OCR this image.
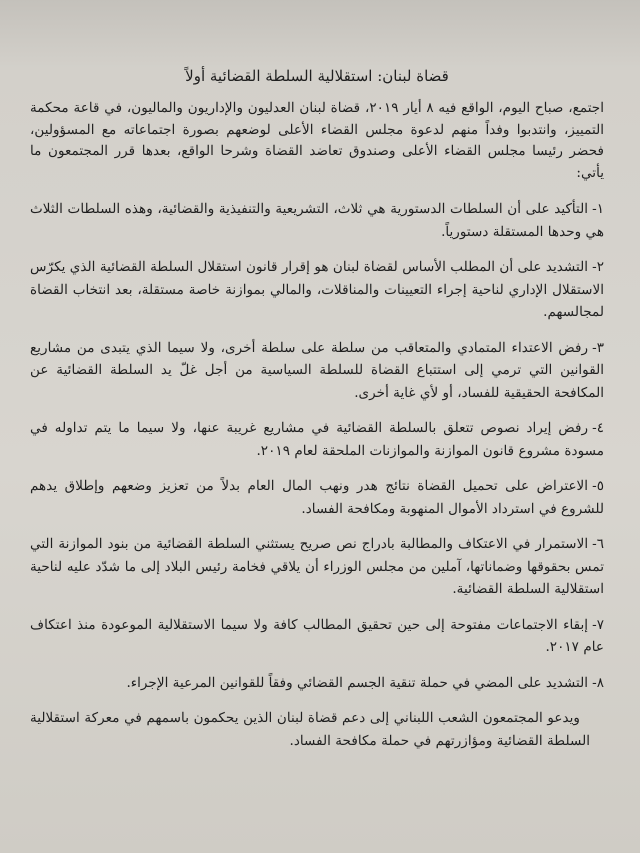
قضاة لبنان: استقلالية السلطة القضائية أولاً

اجتمع، صباح اليوم، الواقع فيه ٨ أيار ٢٠١٩، قضاة لبنان العدليون والإداريون والماليون، في قاعة محكمة التمييز، وانتدبوا وفداً منهم لدعوة مجلس القضاء الأعلى لوضعهم بصورة اجتماعاته مع المسؤولين، فحضر رئيسا مجلس القضاء الأعلى وصندوق تعاضد القضاة وشرحا الواقع، بعدها قرر المجتمعون ما يأتي:

١-التأكيد على أن السلطات الدستورية هي ثلاث، التشريعية والتنفيذية والقضائية، وهذه السلطات الثلاث هي وحدها المستقلة دستورياً.

٢-التشديد على أن المطلب الأساس لقضاة لبنان هو إقرار قانون استقلال السلطة القضائية الذي يكرّس الاستقلال الإداري لناحية إجراء التعيينات والمناقلات، والمالي بموازنة خاصة مستقلة، بعد انتخاب القضاة لمجالسهم.

٣-رفض الاعتداء المتمادي والمتعاقب من سلطة على سلطة أخرى، ولا سيما الذي يتبدى من مشاريع القوانين التي ترمي إلى استتباع القضاة للسلطة السياسية من أجل غلّ يد السلطة القضائية عن المكافحة الحقيقية للفساد، أو لأي غاية أخرى.

٤-رفض إيراد نصوص تتعلق بالسلطة القضائية في مشاريع غريبة عنها، ولا سيما ما يتم تداوله في مسودة مشروع قانون الموازنة والموازنات الملحقة لعام ٢٠١٩.

٥-الاعتراض على تحميل القضاة نتائج هدر ونهب المال العام بدلاً من تعزيز وضعهم وإطلاق يدهم للشروع في استرداد الأموال المنهوبة ومكافحة الفساد.

٦-الاستمرار في الاعتكاف والمطالبة بادراج نص صريح يستثني السلطة القضائية من بنود الموازنة التي تمس بحقوقها وضماناتها، آملين من مجلس الوزراء أن يلاقي فخامة رئيس البلاد إلى ما شدّد عليه لناحية استقلالية السلطة القضائية.

٧-إبقاء الاجتماعات مفتوحة إلى حين تحقيق المطالب كافة ولا سيما الاستقلالية الموعودة منذ اعتكاف عام ٢٠١٧.

٨-التشديد على المضي في حملة تنقية الجسم القضائي وفقاً للقوانين المرعية الإجراء.

ويدعو المجتمعون الشعب اللبناني إلى دعم قضاة لبنان الذين يحكمون باسمهم في معركة استقلالية السلطة القضائية ومؤازرتهم في حملة مكافحة الفساد.
